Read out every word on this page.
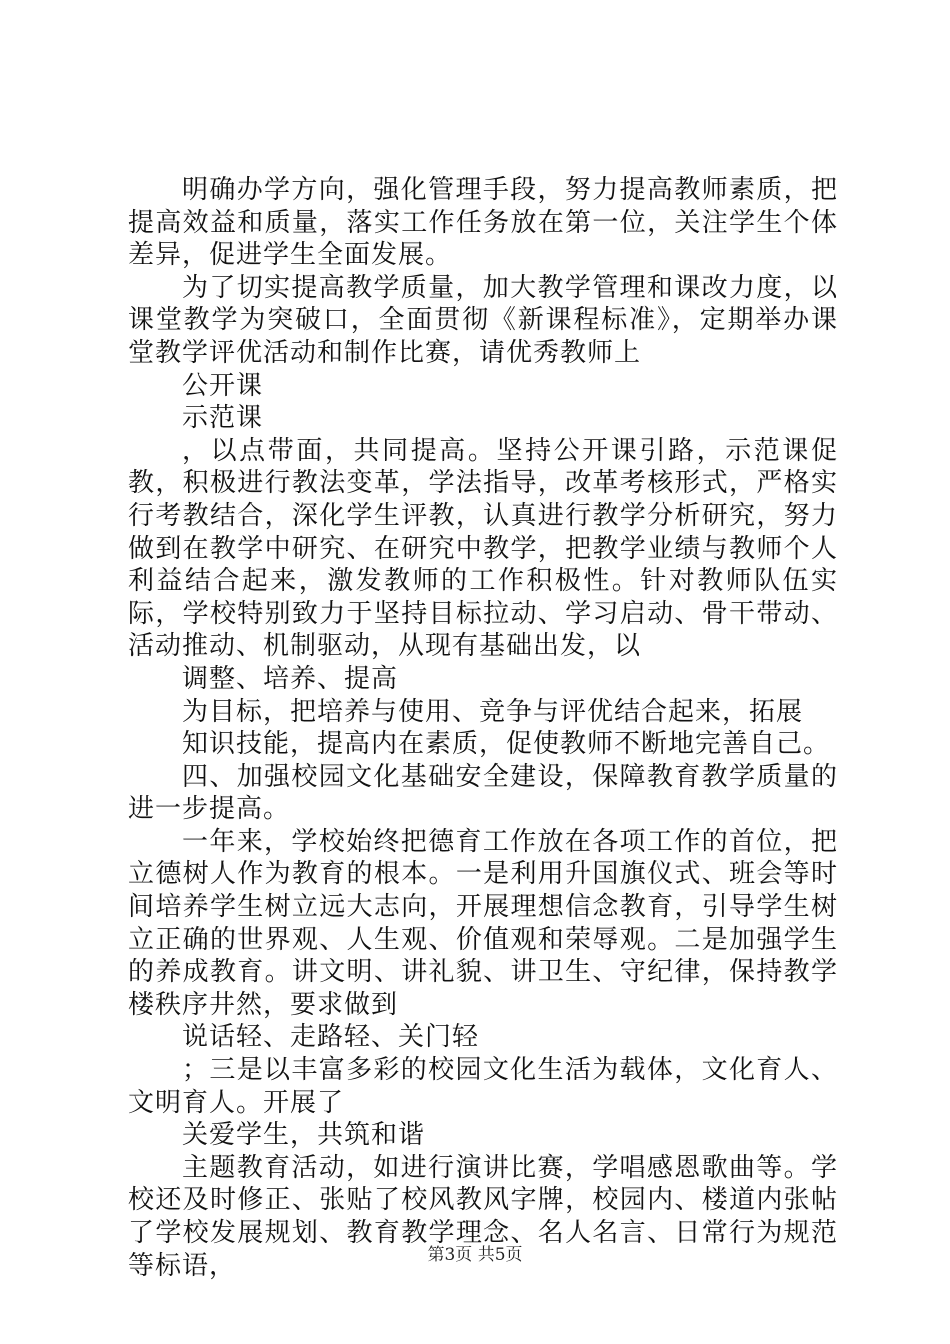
明确办学方向，强化管理手段，努力提高教师素质，把提高效益和质量，落实工作任务放在第一位，关注学生个体差异，促进学生全面发展。

为了切实提高教学质量，加大教学管理和课改力度，以课堂教学为突破口，全面贯彻《新课程标准》，定期举办课堂教学评优活动和制作比赛，请优秀教师上

公开课

示范课

，以点带面，共同提高。坚持公开课引路，示范课促教，积极进行教法变革，学法指导，改革考核形式，严格实行考教结合，深化学生评教，认真进行教学分析研究，努力做到在教学中研究、在研究中教学，把教学业绩与教师个人利益结合起来，激发教师的工作积极性。针对教师队伍实际，学校特别致力于坚持目标拉动、学习启动、骨干带动、活动推动、机制驱动，从现有基础出发，以

调整、培养、提高

为目标，把培养与使用、竞争与评优结合起来，拓展

知识技能，提高内在素质，促使教师不断地完善自己。

四、加强校园文化基础安全建设，保障教育教学质量的进一步提高。

一年来，学校始终把德育工作放在各项工作的首位，把立德树人作为教育的根本。一是利用升国旗仪式、班会等时间培养学生树立远大志向，开展理想信念教育，引导学生树立正确的世界观、人生观、价值观和荣辱观。二是加强学生的养成教育。讲文明、讲礼貌、讲卫生、守纪律，保持教学楼秩序井然，要求做到

说话轻、走路轻、关门轻

；三是以丰富多彩的校园文化生活为载体，文化育人、文明育人。开展了

关爱学生，共筑和谐

主题教育活动，如进行演讲比赛，学唱感恩歌曲等。学校还及时修正、张贴了校风教风字牌，校园内、楼道内张帖了学校发展规划、教育教学理念、名人名言、日常行为规范等标语，	第3页 共5页
